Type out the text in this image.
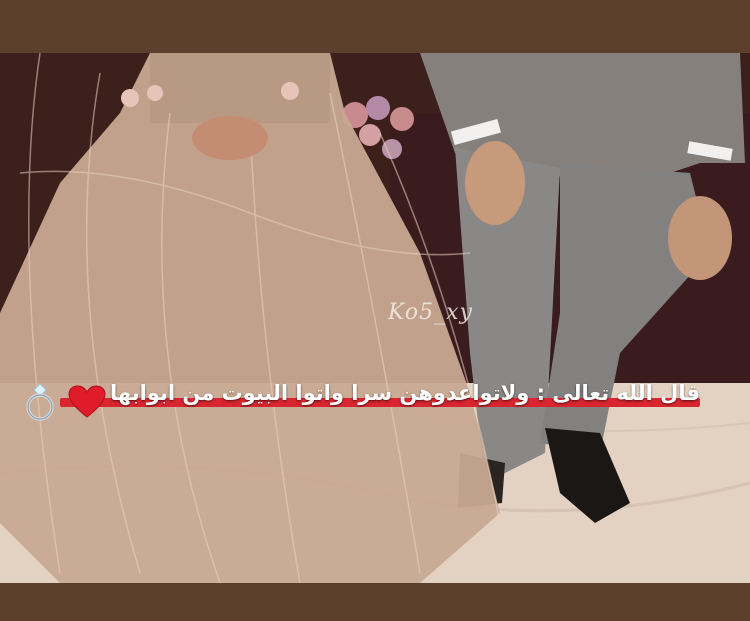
Ko5_xy
قال الله تعالى : ولاتواعدوهن سرا واتوا البيوت من ابوابها
